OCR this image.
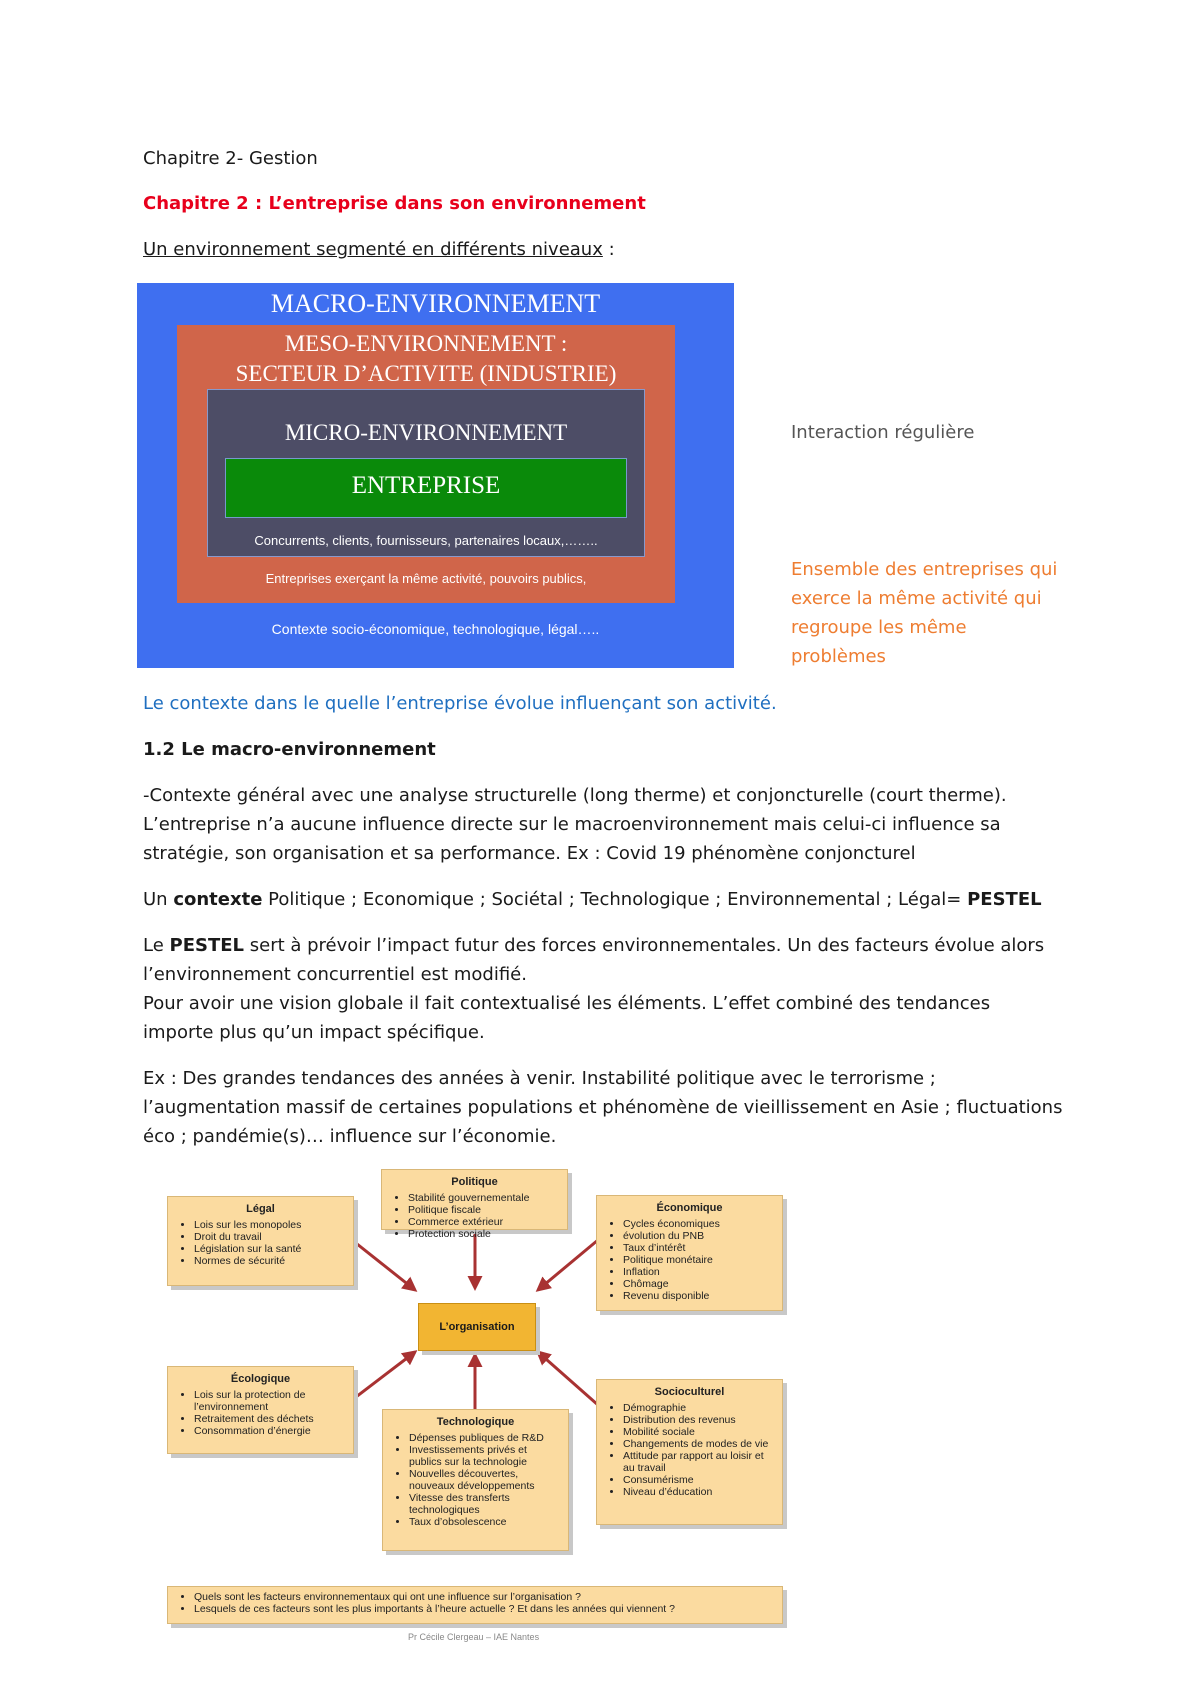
Chapitre 2- Gestion
Chapitre 2 : L’entreprise dans son environnement
Un environnement segmenté en différents niveaux :
MACRO-ENVIRONNEMENT
MESO-ENVIRONNEMENT :
SECTEUR D’ACTIVITE (INDUSTRIE)
MICRO-ENVIRONNEMENT
ENTREPRISE
Concurrents, clients, fournisseurs, partenaires locaux,……..
Entreprises exerçant la même activité, pouvoirs publics,
Contexte socio-économique, technologique, légal…..
Interaction régulière
Ensemble des entreprises qui
exerce la même activité qui
regroupe les même
problèmes
Le contexte dans le quelle l’entreprise évolue influençant son activité.
1.2 Le macro-environnement
-Contexte général avec une analyse structurelle (long therme) et conjoncturelle (court therme).
L’entreprise n’a aucune influence directe sur le macroenvironnement mais celui-ci influence sa
stratégie, son organisation et sa performance. Ex : Covid 19 phénomène conjoncturel
Un contexte Politique ; Economique ; Sociétal ; Technologique ; Environnemental ; Légal= PESTEL
Le PESTEL sert à prévoir l’impact futur des forces environnementales. Un des facteurs évolue alors
l’environnement concurrentiel est modifié.
Pour avoir une vision globale il fait contextualisé les éléments. L’effet combiné des tendances
importe plus qu’un impact spécifique.
Ex : Des grandes tendances des années à venir. Instabilité politique avec le terrorisme ;
l’augmentation massif de certaines populations et phénomène de vieillissement en Asie ; fluctuations
éco ; pandémie(s)… influence sur l’économie.
Politique
• Stabilité gouvernementale
• Politique fiscale
• Commerce extérieur
• Protection sociale
Légal
• Lois sur les monopoles
• Droit du travail
• Législation sur la santé
• Normes de sécurité
Économique
• Cycles économiques
• évolution du PNB
• Taux d’intérêt
• Politique monétaire
• Inflation
• Chômage
• Revenu disponible
L’organisation
Écologique
• Lois sur la protection de l’environnement
• Retraitement des déchets
• Consommation d’énergie
Technologique
• Dépenses publiques de R&D
• Investissements privés et publics sur la technologie
• Nouvelles découvertes, nouveaux développements
• Vitesse des transferts technologiques
• Taux d’obsolescence
Socioculturel
• Démographie
• Distribution des revenus
• Mobilité sociale
• Changements de modes de vie
• Attitude par rapport au loisir et au travail
• Consumérisme
• Niveau d’éducation
• Quels sont les facteurs environnementaux qui ont une influence sur l’organisation ?
• Lesquels de ces facteurs sont les plus importants à l’heure actuelle ? Et dans les années qui viennent ?
Pr Cécile Clergeau – IAE Nantes
